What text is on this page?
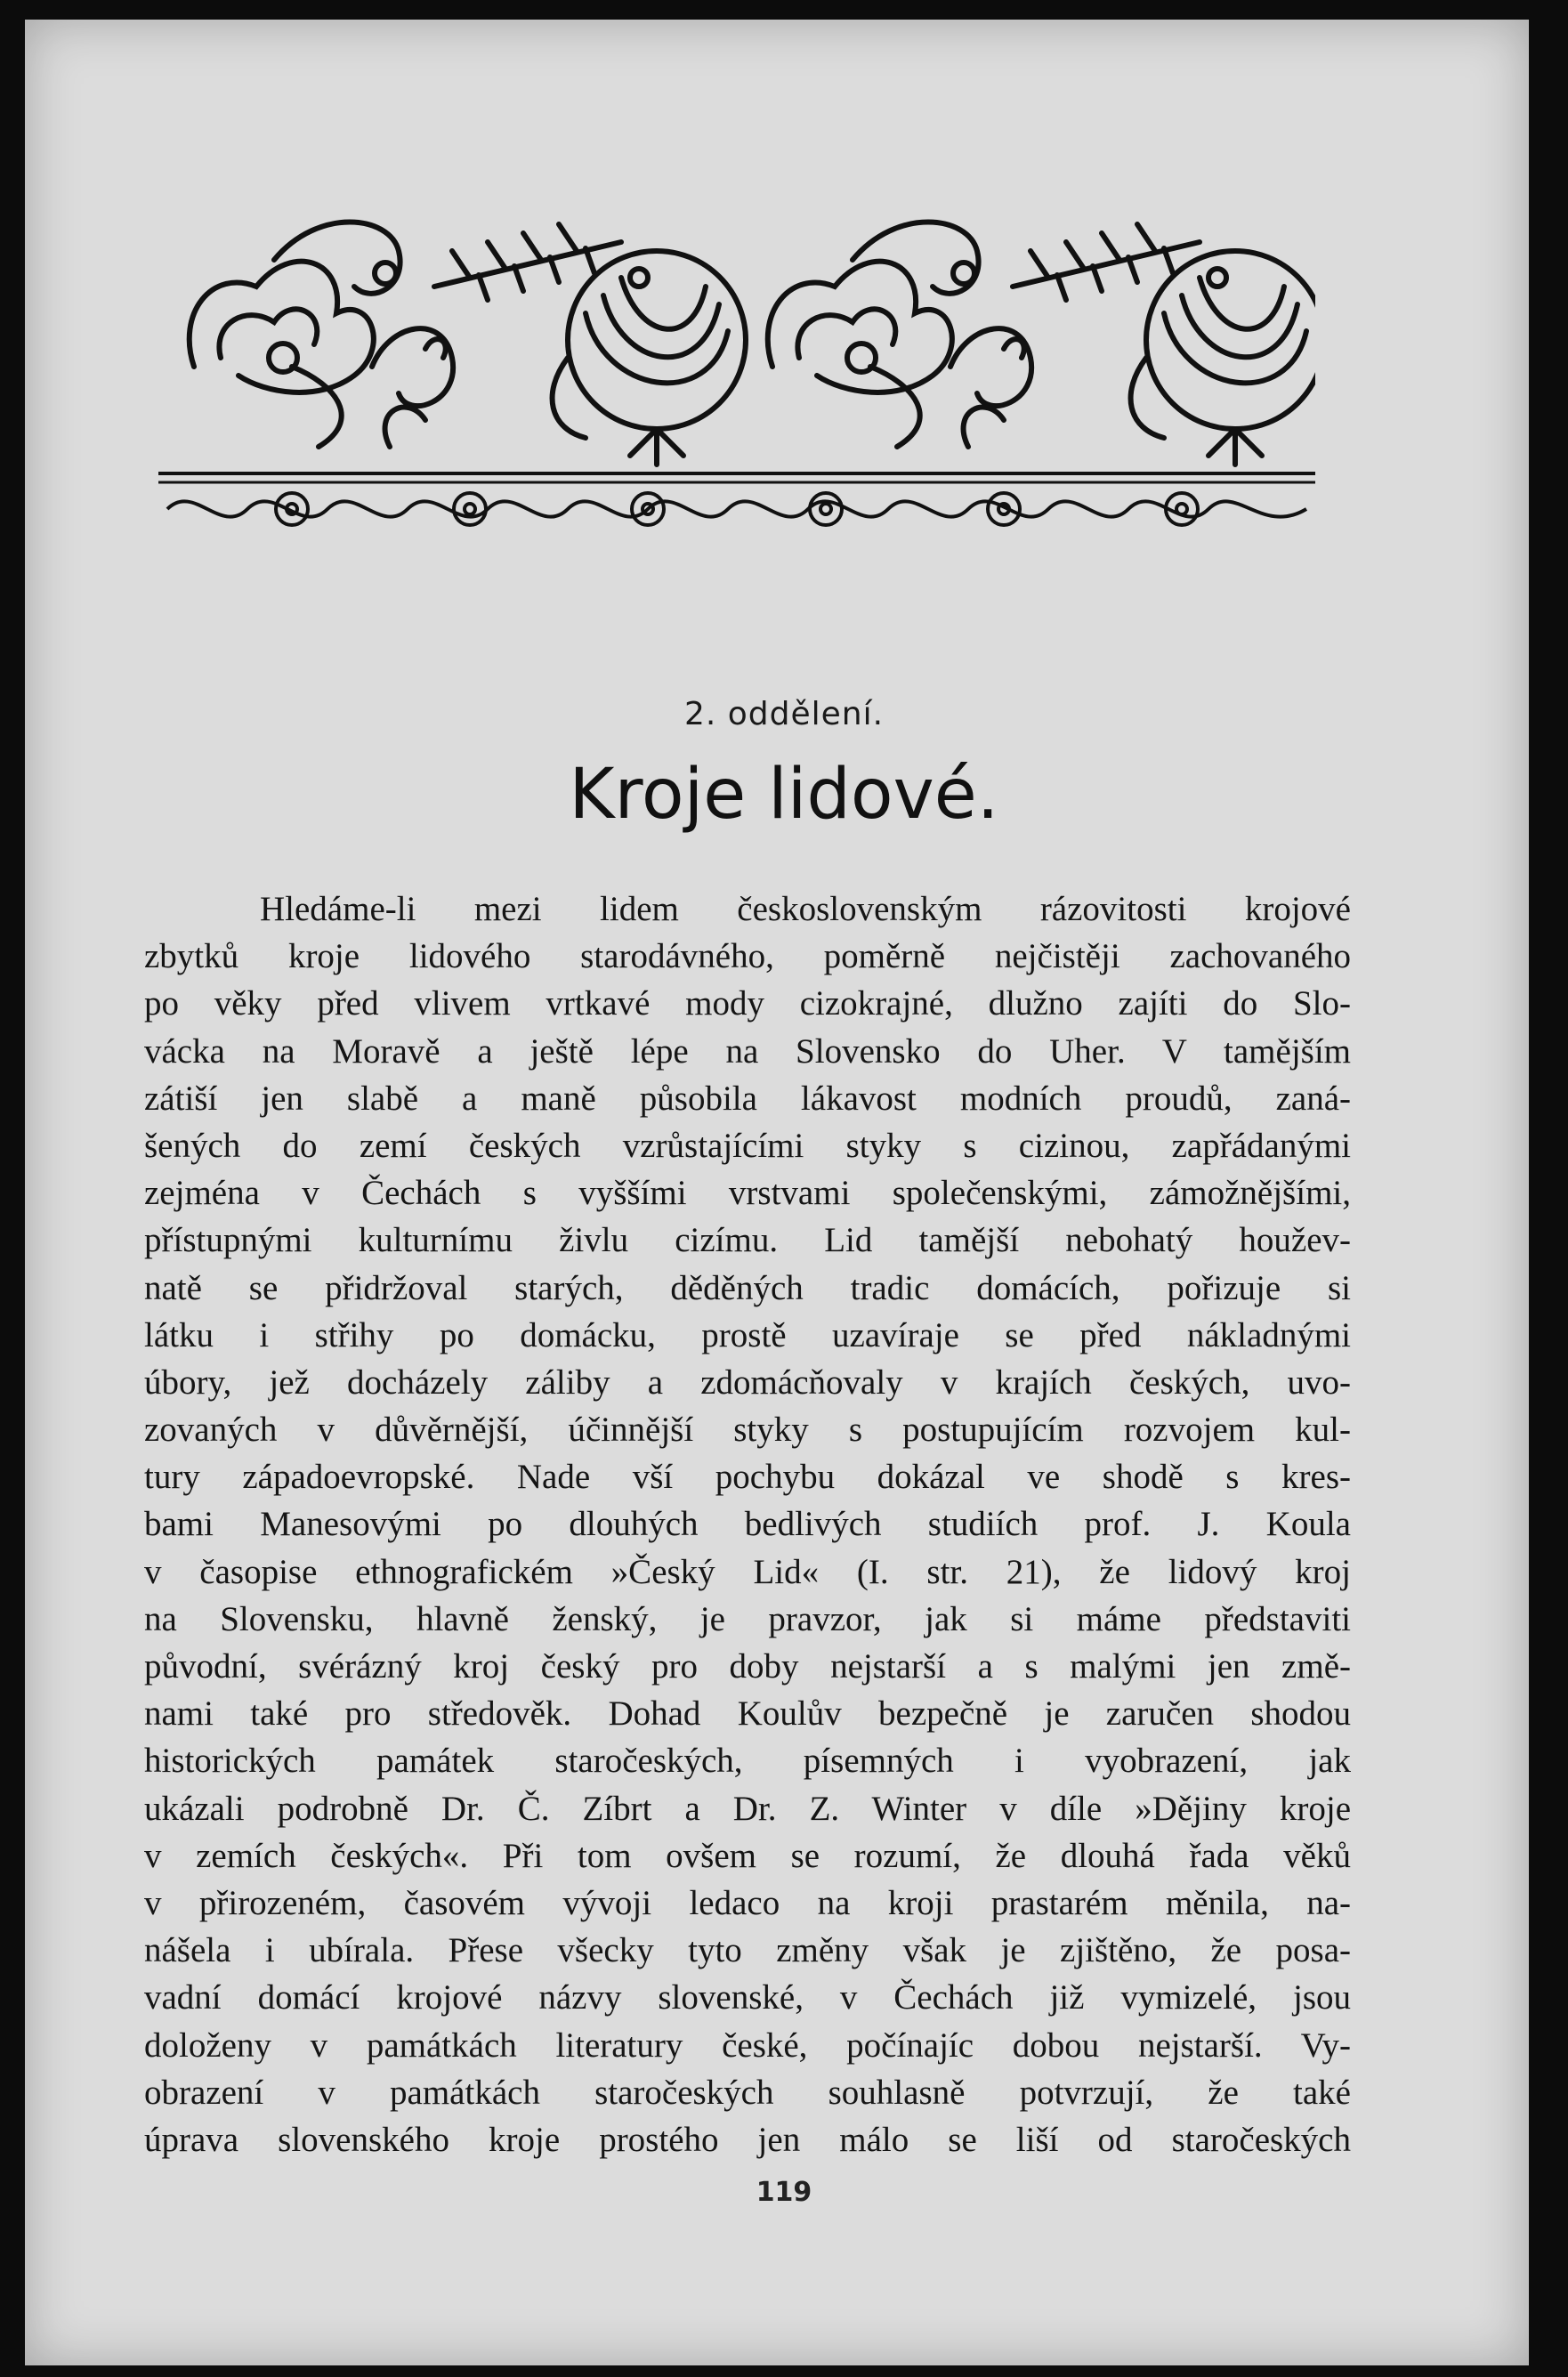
2. oddělení.
Kroje lidové.
Hledáme-li mezi lidem československým rázovitosti krojové
zbytků kroje lidového starodávného, poměrně nejčistěji zachovaného
po věky před vlivem vrtkavé mody cizokrajné, dlužno zajíti do Slo-
vácka na Moravě a ještě lépe na Slovensko do Uher. V tamějším
zátiší jen slabě a maně působila lákavost modních proudů, zaná-
šených do zemí českých vzrůstajícími styky s cizinou, zapřádanými
zejména v Čechách s vyššími vrstvami společenskými, zámožnějšími,
přístupnými kulturnímu živlu cizímu. Lid tamější nebohatý houžev-
natě se přidržoval starých, děděných tradic domácích, pořizuje si
látku i střihy po domácku, prostě uzavíraje se před nákladnými
úbory, jež docházely záliby a zdomácňovaly v krajích českých, uvo-
zovaných v důvěrnější, účinnější styky s postupujícím rozvojem kul-
tury západoevropské. Nade vší pochybu dokázal ve shodě s kres-
bami Manesovými po dlouhých bedlivých studiích prof. J. Koula
v časopise ethnografickém »Český Lid« (I. str. 21), že lidový kroj
na Slovensku, hlavně ženský, je pravzor, jak si máme představiti
původní, svérázný kroj český pro doby nejstarší a s malými jen změ-
nami také pro středověk. Dohad Koulův bezpečně je zaručen shodou
historických památek staročeských, písemných i vyobrazení, jak
ukázali podrobně Dr. Č. Zíbrt a Dr. Z. Winter v díle »Dějiny kroje
v zemích českých«. Při tom ovšem se rozumí, že dlouhá řada věků
v přirozeném, časovém vývoji ledaco na kroji prastarém měnila, na-
nášela i ubírala. Přese všecky tyto změny však je zjištěno, že posa-
vadní domácí krojové názvy slovenské, v Čechách již vymizelé, jsou
doloženy v památkách literatury české, počínajíc dobou nejstarší. Vy-
obrazení v památkách staročeských souhlasně potvrzují, že také
úprava slovenského kroje prostého jen málo se liší od staročeských
119
